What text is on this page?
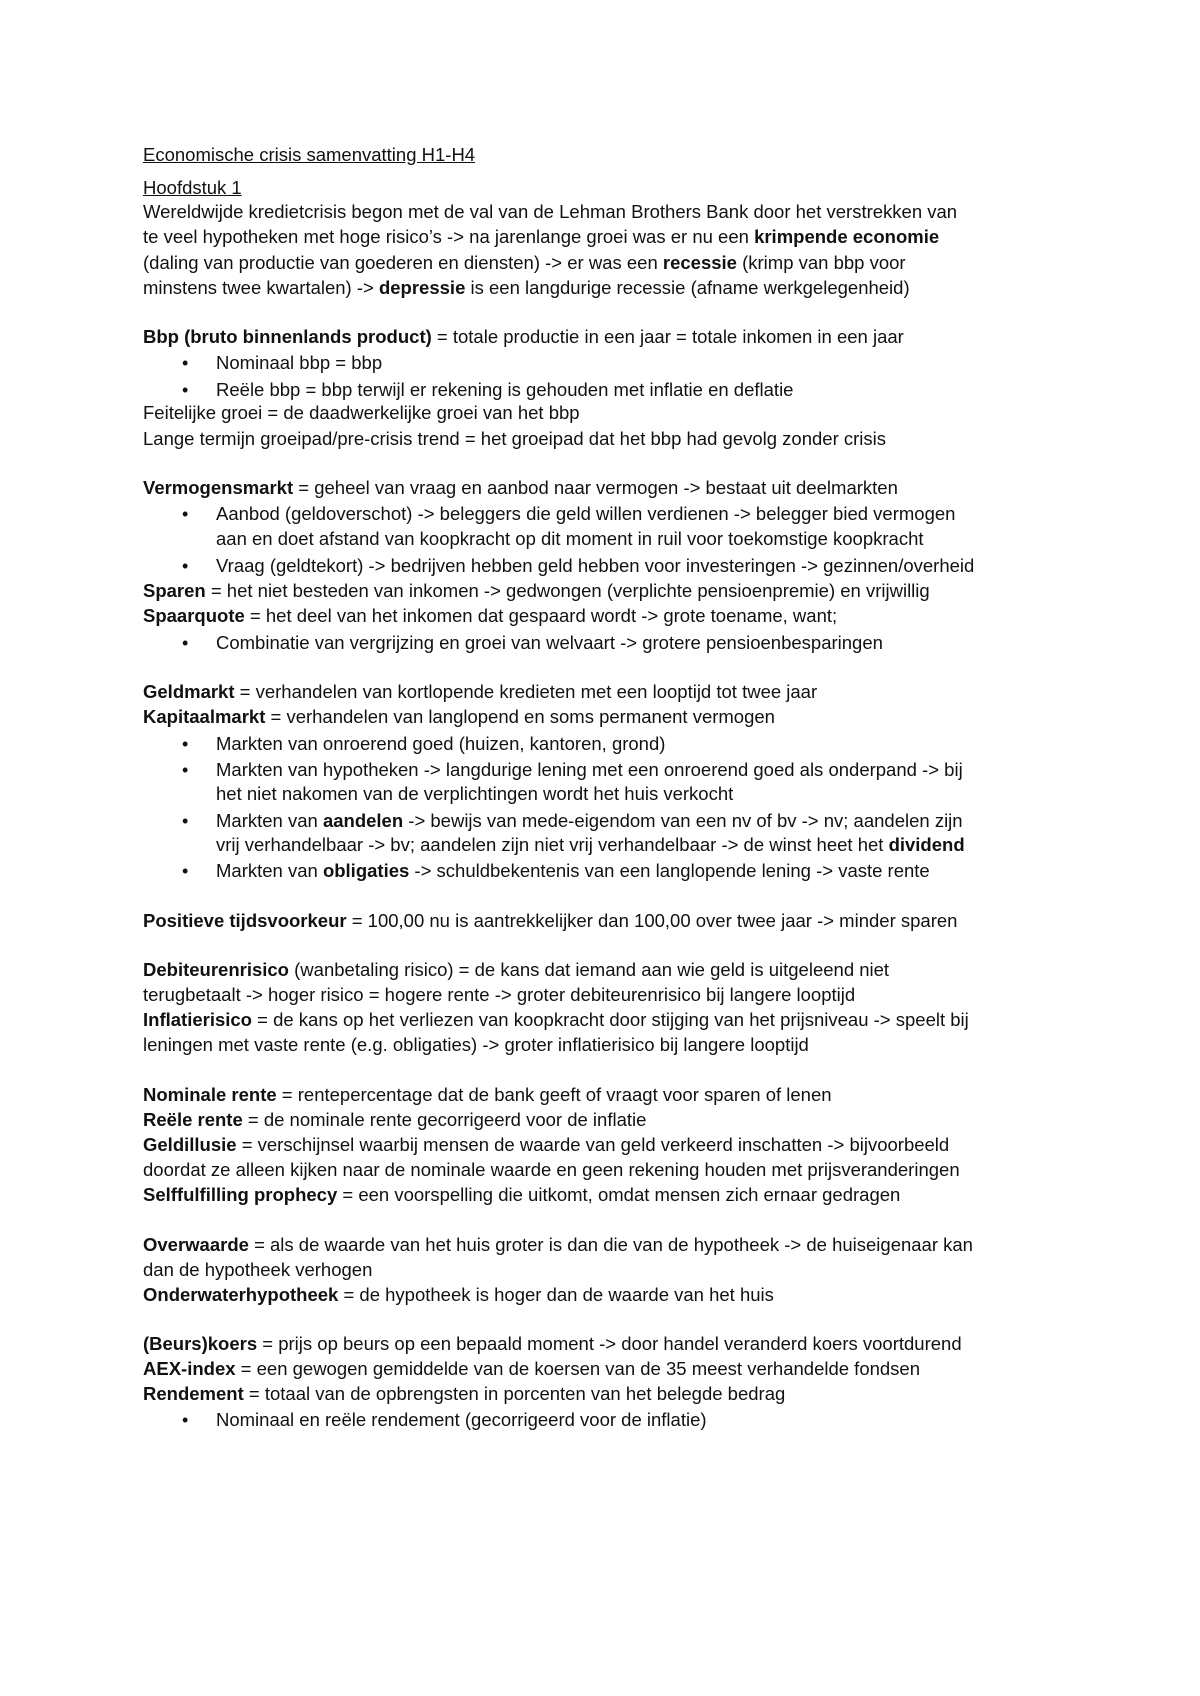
Economische crisis samenvatting H1-H4
Hoofdstuk 1
Wereldwijde kredietcrisis begon met de val van de Lehman Brothers Bank door het verstrekken van
te veel hypotheken met hoge risico’s -> na jarenlange groei was er nu een krimpende economie
(daling van productie van goederen en diensten) -> er was een recessie (krimp van bbp voor
minstens twee kwartalen) -> depressie is een langdurige recessie (afname werkgelegenheid)
Bbp (bruto binnenlands product) = totale productie in een jaar = totale inkomen in een jaar
• Nominaal bbp = bbp
• Reële bbp = bbp terwijl er rekening is gehouden met inflatie en deflatie
Feitelijke groei = de daadwerkelijke groei van het bbp
Lange termijn groeipad/pre-crisis trend = het groeipad dat het bbp had gevolg zonder crisis
Vermogensmarkt = geheel van vraag en aanbod naar vermogen -> bestaat uit deelmarkten
• Aanbod (geldoverschot) -> beleggers die geld willen verdienen -> belegger bied vermogen
aan en doet afstand van koopkracht op dit moment in ruil voor toekomstige koopkracht
• Vraag (geldtekort) -> bedrijven hebben geld hebben voor investeringen -> gezinnen/overheid
Sparen = het niet besteden van inkomen -> gedwongen (verplichte pensioenpremie) en vrijwillig
Spaarquote = het deel van het inkomen dat gespaard wordt -> grote toename, want;
• Combinatie van vergrijzing en groei van welvaart -> grotere pensioenbesparingen
Geldmarkt = verhandelen van kortlopende kredieten met een looptijd tot twee jaar
Kapitaalmarkt = verhandelen van langlopend en soms permanent vermogen
• Markten van onroerend goed (huizen, kantoren, grond)
• Markten van hypotheken -> langdurige lening met een onroerend goed als onderpand -> bij
het niet nakomen van de verplichtingen wordt het huis verkocht
• Markten van aandelen -> bewijs van mede-eigendom van een nv of bv -> nv; aandelen zijn
vrij verhandelbaar -> bv; aandelen zijn niet vrij verhandelbaar -> de winst heet het dividend
• Markten van obligaties -> schuldbekentenis van een langlopende lening -> vaste rente
Positieve tijdsvoorkeur = 100,00 nu is aantrekkelijker dan 100,00 over twee jaar -> minder sparen
Debiteurenrisico (wanbetaling risico) = de kans dat iemand aan wie geld is uitgeleend niet
terugbetaalt -> hoger risico = hogere rente -> groter debiteurenrisico bij langere looptijd
Inflatierisico = de kans op het verliezen van koopkracht door stijging van het prijsniveau -> speelt bij
leningen met vaste rente (e.g. obligaties) -> groter inflatierisico bij langere looptijd
Nominale rente = rentepercentage dat de bank geeft of vraagt voor sparen of lenen
Reële rente = de nominale rente gecorrigeerd voor de inflatie
Geldillusie = verschijnsel waarbij mensen de waarde van geld verkeerd inschatten -> bijvoorbeeld
doordat ze alleen kijken naar de nominale waarde en geen rekening houden met prijsveranderingen
Selffulfilling prophecy = een voorspelling die uitkomt, omdat mensen zich ernaar gedragen
Overwaarde = als de waarde van het huis groter is dan die van de hypotheek -> de huiseigenaar kan
dan de hypotheek verhogen
Onderwaterhypotheek = de hypotheek is hoger dan de waarde van het huis
(Beurs)koers = prijs op beurs op een bepaald moment -> door handel veranderd koers voortdurend
AEX-index = een gewogen gemiddelde van de koersen van de 35 meest verhandelde fondsen
Rendement = totaal van de opbrengsten in porcenten van het belegde bedrag
• Nominaal en reële rendement (gecorrigeerd voor de inflatie)
